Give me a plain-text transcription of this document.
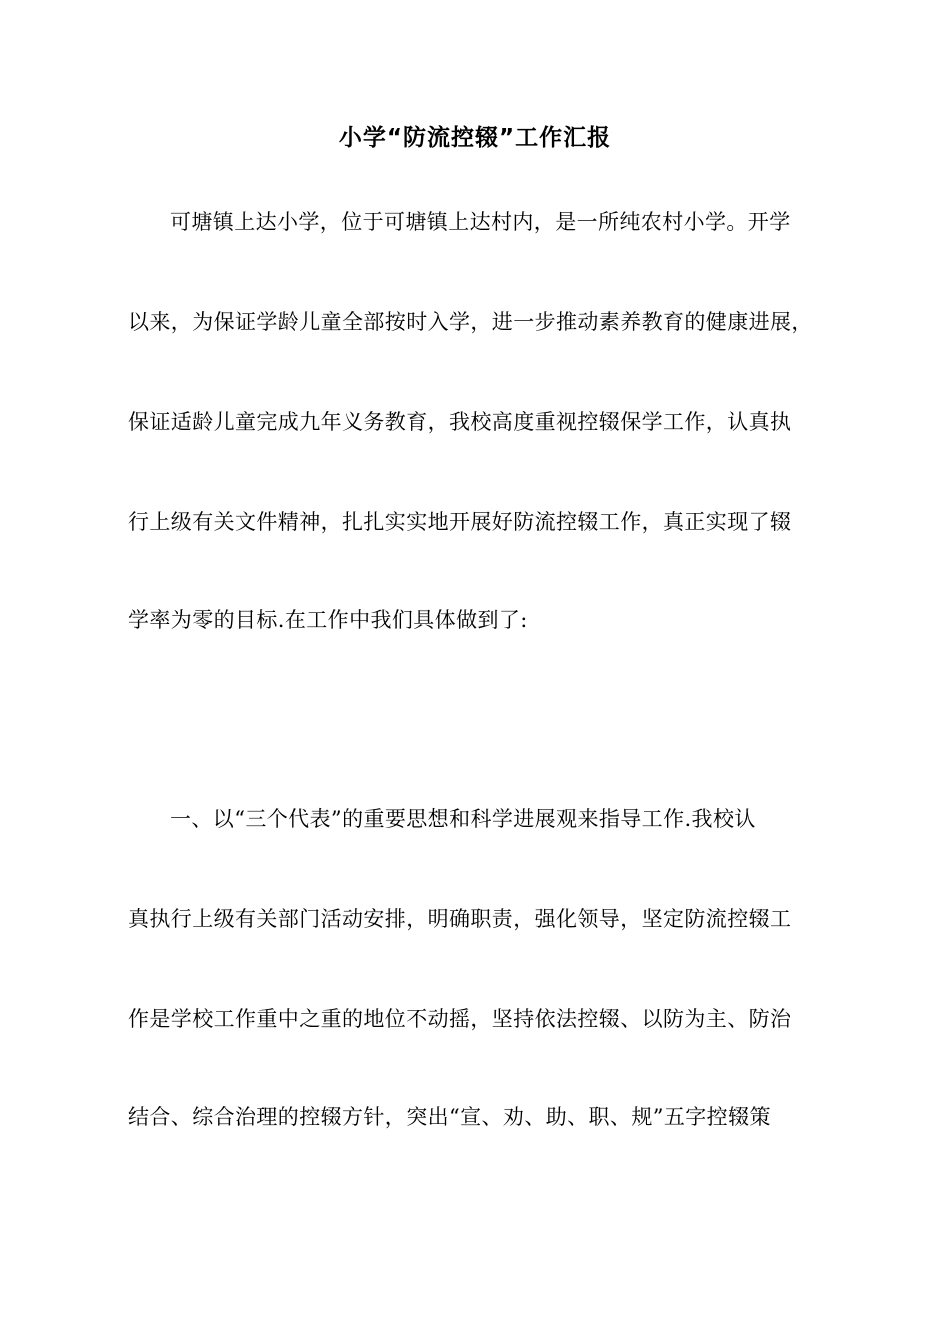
小学“防流控辍”工作汇报
可塘镇上达小学，位于可塘镇上达村内，是一所纯农村小学。开学
以来，为保证学龄儿童全部按时入学，进一步推动素养教育的健康进展，
保证适龄儿童完成九年义务教育，我校高度重视控辍保学工作，认真执
行上级有关文件精神，扎扎实实地开展好防流控辍工作，真正实现了辍
学率为零的目标.在工作中我们具体做到了:
一、以“三个代表”的重要思想和科学进展观来指导工作.我校认
真执行上级有关部门活动安排，明确职责，强化领导，坚定防流控辍工
作是学校工作重中之重的地位不动摇，坚持依法控辍、以防为主、防治
结合、综合治理的控辍方针，突出“宣、劝、助、职、规”五字控辍策
